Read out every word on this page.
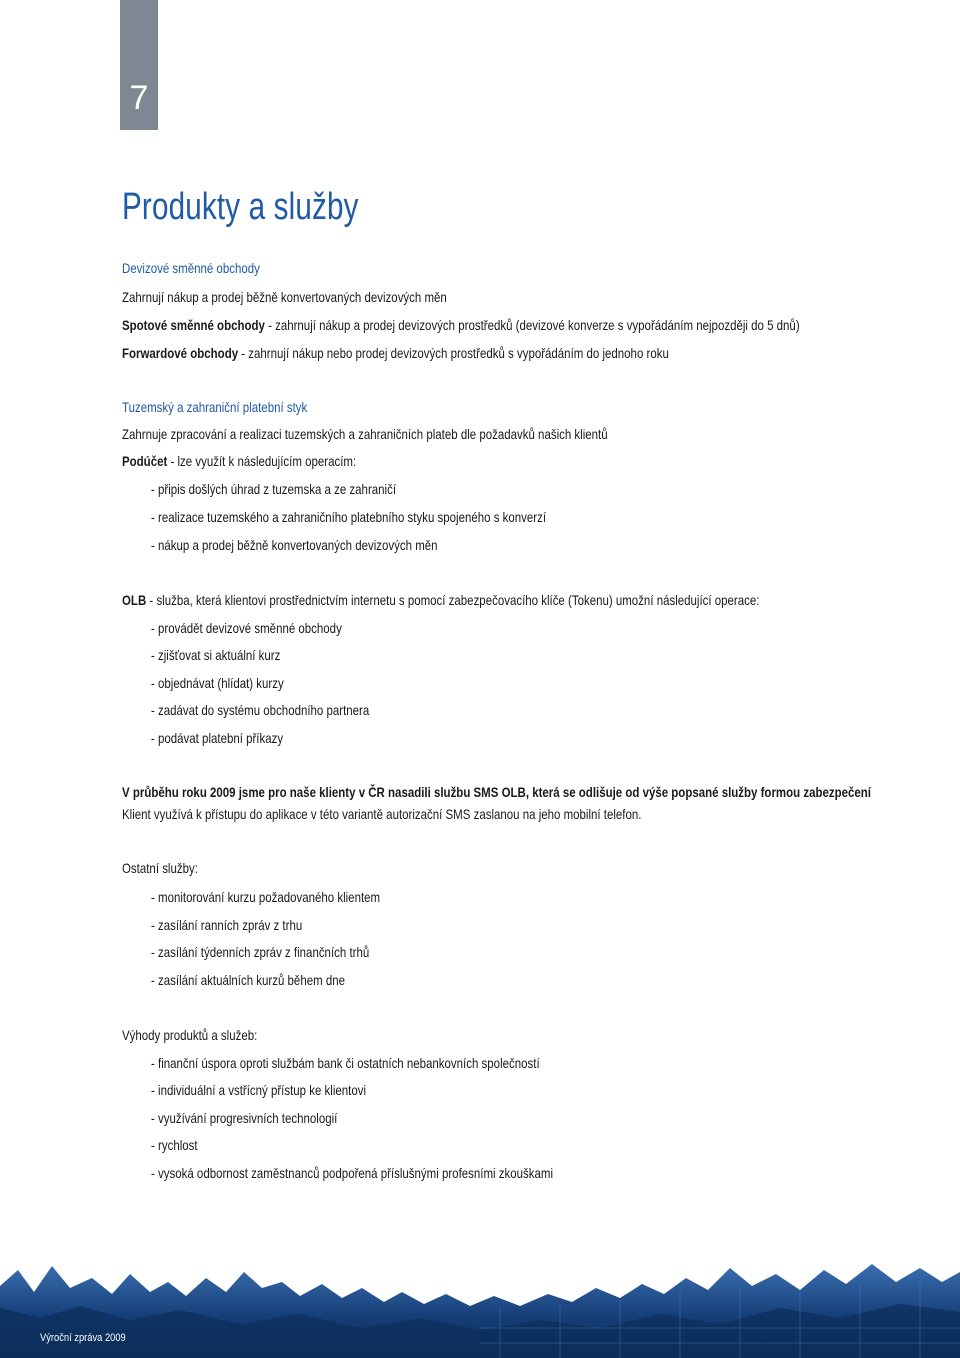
7
Produkty a služby
Devizové směnné obchody
Zahrnují nákup a prodej běžně konvertovaných devizových měn
Spotové směnné obchody - zahrnují nákup a prodej devizových prostředků (devizové konverze s vypořádáním nejpozději do 5 dnů)
Forwardové obchody - zahrnují nákup nebo prodej devizových prostředků s vypořádáním do jednoho roku
Tuzemský a zahraniční platební styk
Zahrnuje zpracování a realizaci tuzemských a zahraničních plateb dle požadavků našich klientů
Podúčet - lze využít k následujícím operacím:
- připis došlých úhrad z tuzemska a ze zahraničí
- realizace tuzemského a zahraničního platebního styku spojeného s konverzí
- nákup a prodej běžně konvertovaných devizových měn
OLB - služba, která klientovi prostřednictvím internetu s pomocí zabezpečovacího klíče (Tokenu) umožní následující operace:
- provádět devizové směnné obchody
- zjišťovat si aktuální kurz
- objednávat (hlídat) kurzy
- zadávat do systému obchodního partnera
- podávat platební příkazy
V průběhu roku 2009 jsme pro naše klienty v ČR nasadili službu SMS OLB, která se odlišuje od výše popsané služby formou zabezpečení
Klient využívá k přístupu do aplikace v této variantě autorizační SMS zaslanou na jeho mobilní telefon.
Ostatní služby:
- monitorování kurzu požadovaného klientem
- zasílání ranních zpráv z trhu
- zasílání týdenních zpráv z finančních trhů
- zasílání aktuálních kurzů během dne
Výhody produktů a služeb:
- finanční úspora oproti službám bank či ostatních nebankovních společností
- individuální a vstřícný přístup ke klientovi
- využívání progresivních technologií
- rychlost
- vysoká odbornost zaměstnanců podpořená příslušnými profesními zkouškami
Výroční zpráva 2009
